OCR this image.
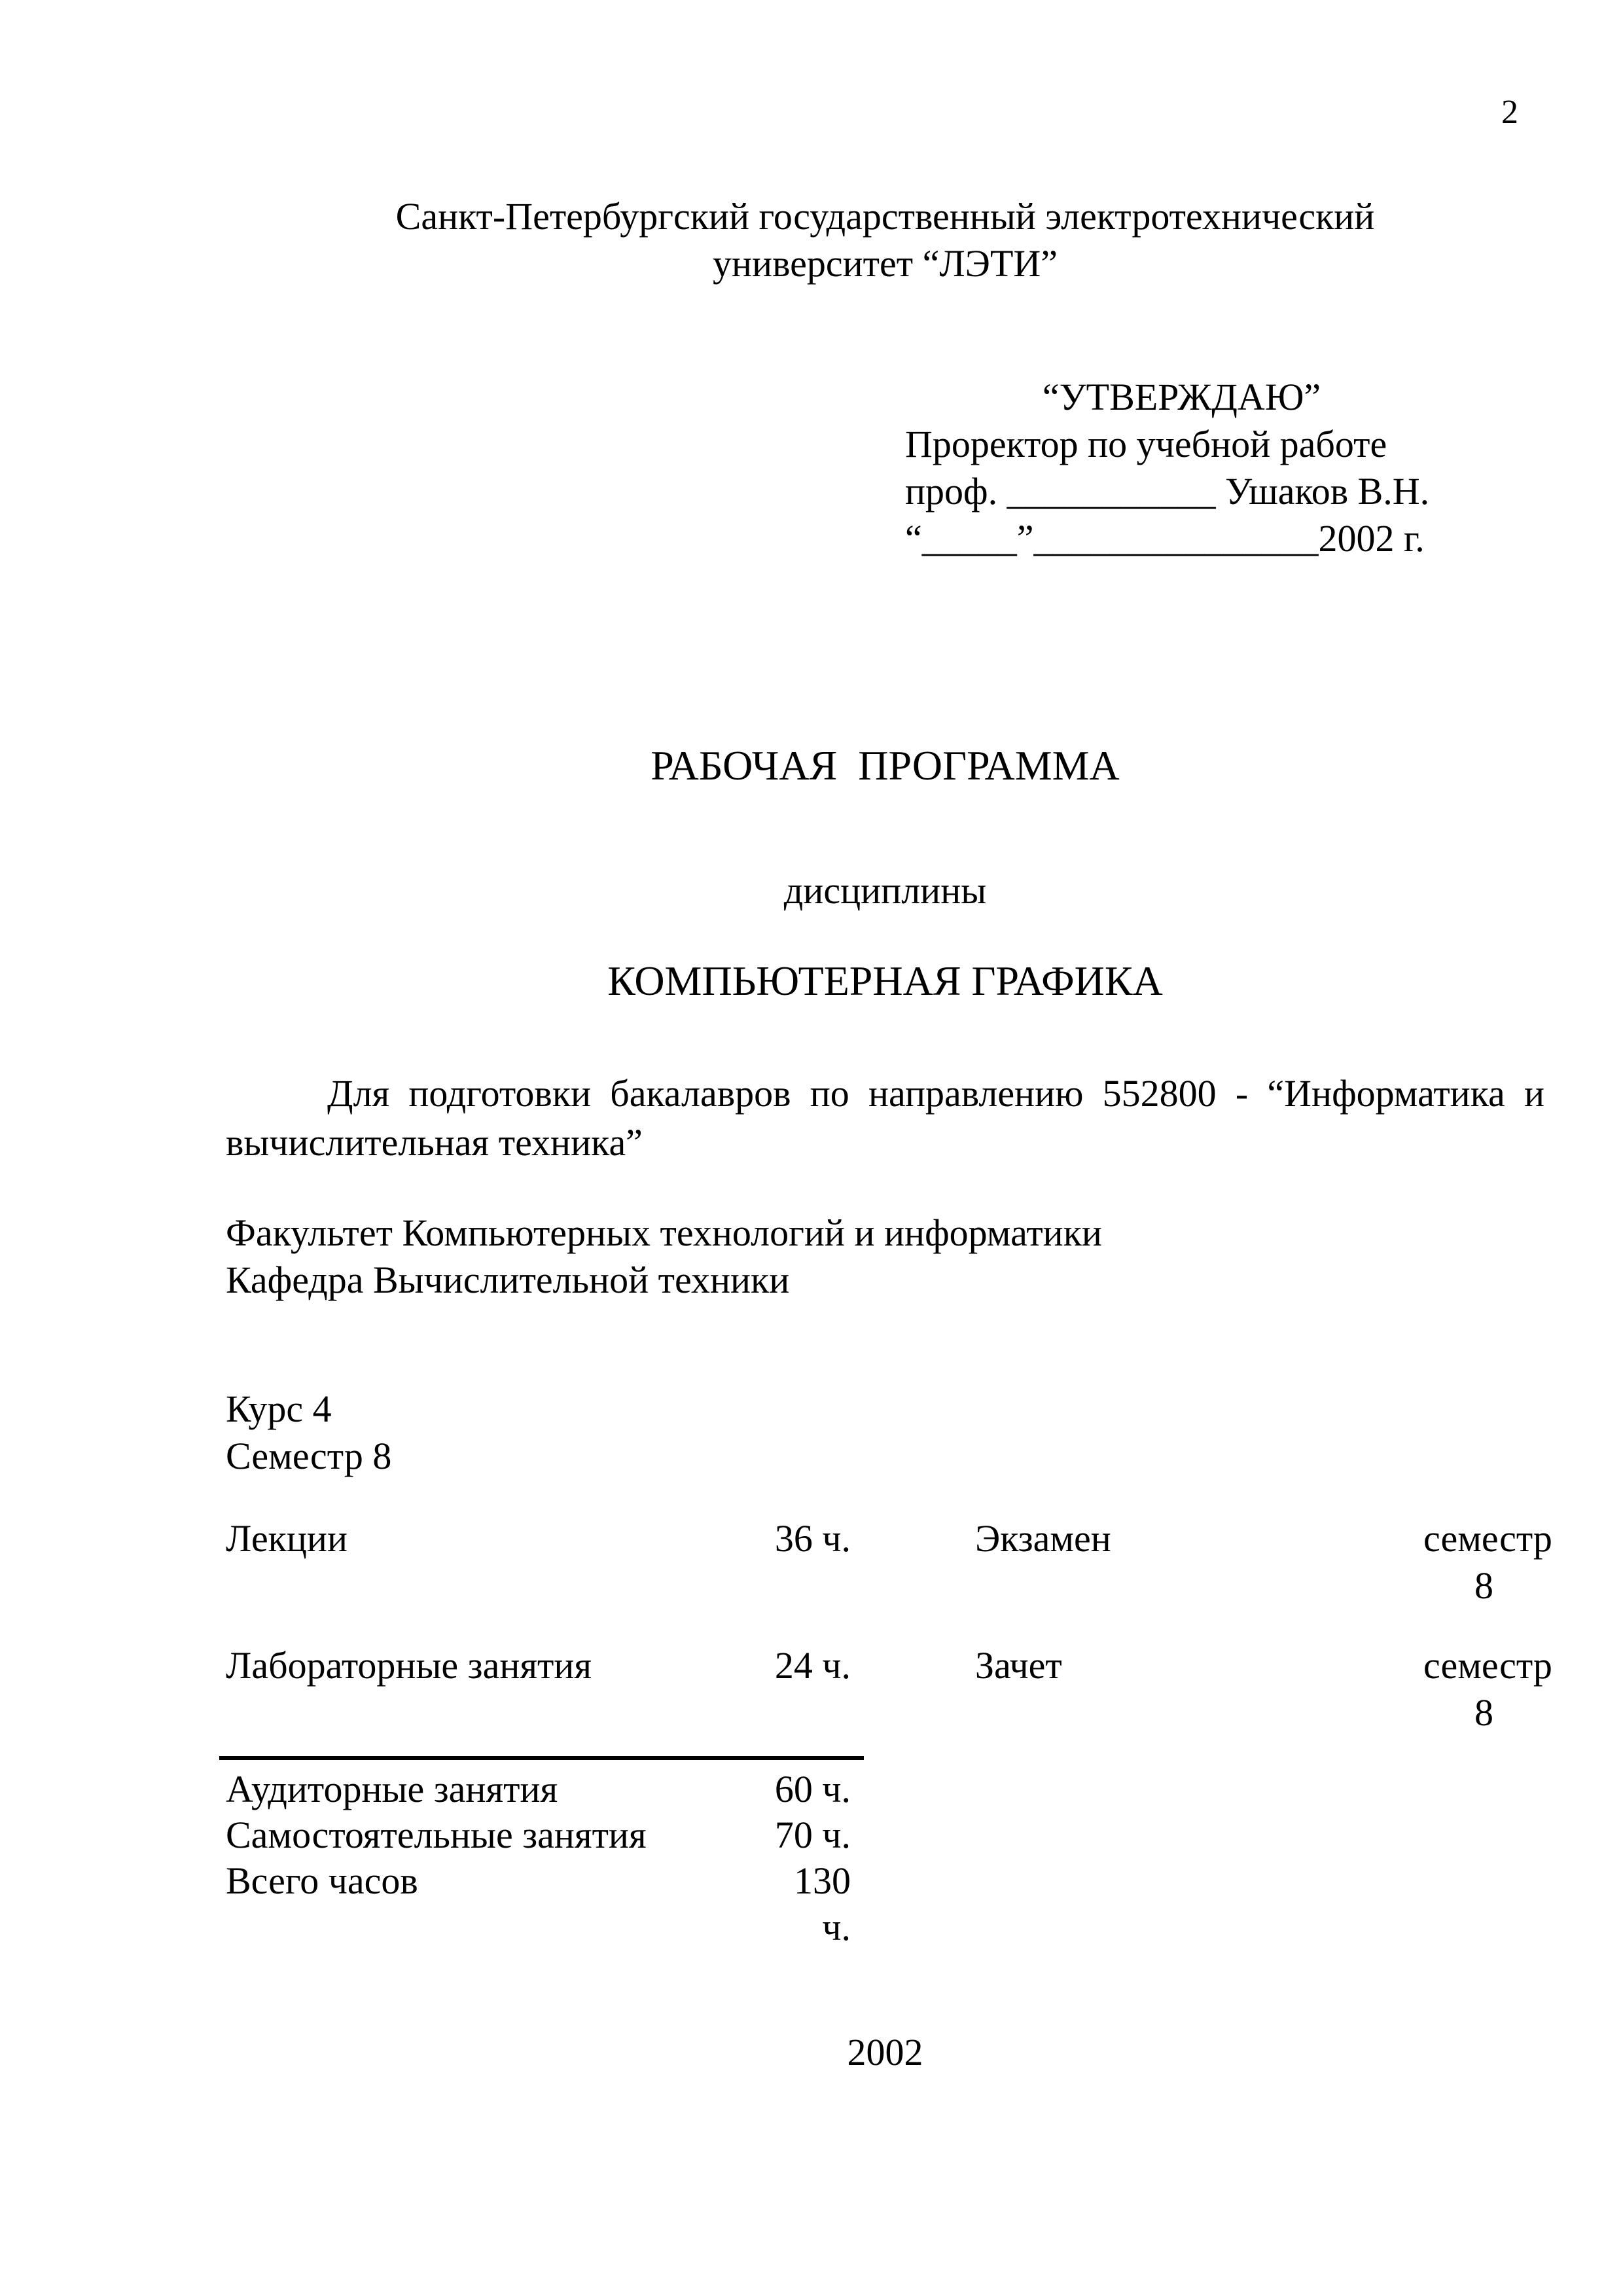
2
Санкт-Петербургский государственный электротехнический
университет “ЛЭТИ”
“УТВЕРЖДАЮ”
Проректор по учебной работе
проф. ___________ Ушаков В.Н.
“_____”_______________2002 г.
РАБОЧАЯ  ПРОГРАММА
дисциплины
КОМПЬЮТЕРНАЯ ГРАФИКА

Для подготовки бакалавров по направлению 552800 - “Информатика и вычислительная техника”

Факультет Компьютерных технологий и информатики
Кафедра Вычислительной техники
Курс 4
Семестр 8
Лекции	36 ч.	Экзамен	семестр 8
Лабораторные занятия	24 ч.	Зачет	семестр 8
Аудиторные занятия	60 ч.
Самостоятельные занятия	70 ч.
Всего часов	130 ч.
2002
